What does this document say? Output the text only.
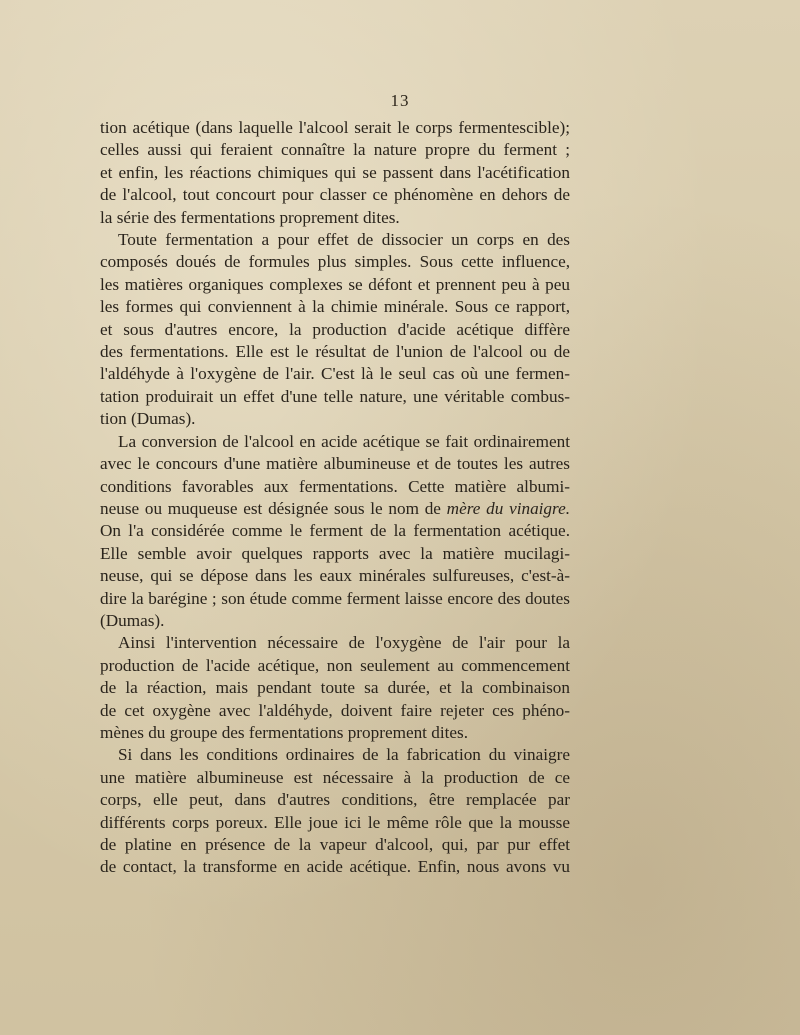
13

tion acétique (dans laquelle l'alcool serait le corps fermentescible);
celles aussi qui feraient connaître la nature propre du ferment ;
et enfin, les réactions chimiques qui se passent dans l'acétification
de l'alcool, tout concourt pour classer ce phénomène en dehors de
la série des fermentations proprement dites.

Toute fermentation a pour effet de dissocier un corps en des
composés doués de formules plus simples. Sous cette influence,
les matières organiques complexes se défont et prennent peu à peu
les formes qui conviennent à la chimie minérale. Sous ce rapport,
et sous d'autres encore, la production d'acide acétique diffère
des fermentations. Elle est le résultat de l'union de l'alcool ou de
l'aldéhyde à l'oxygène de l'air. C'est là le seul cas où une fermen-
tation produirait un effet d'une telle nature, une véritable combus-
tion (Dumas).

La conversion de l'alcool en acide acétique se fait ordinairement
avec le concours d'une matière albumineuse et de toutes les autres
conditions favorables aux fermentations. Cette matière albumi-
neuse ou muqueuse est désignée sous le nom de mère du vinaigre.
On l'a considérée comme le ferment de la fermentation acétique.
Elle semble avoir quelques rapports avec la matière mucilagi-
neuse, qui se dépose dans les eaux minérales sulfureuses, c'est-à-
dire la barégine ; son étude comme ferment laisse encore des doutes
(Dumas).

Ainsi l'intervention nécessaire de l'oxygène de l'air pour la
production de l'acide acétique, non seulement au commencement
de la réaction, mais pendant toute sa durée, et la combinaison
de cet oxygène avec l'aldéhyde, doivent faire rejeter ces phéno-
mènes du groupe des fermentations proprement dites.

Si dans les conditions ordinaires de la fabrication du vinaigre
une matière albumineuse est nécessaire à la production de ce
corps, elle peut, dans d'autres conditions, être remplacée par
différents corps poreux. Elle joue ici le même rôle que la mousse
de platine en présence de la vapeur d'alcool, qui, par pur effet
de contact, la transforme en acide acétique. Enfin, nous avons vu
